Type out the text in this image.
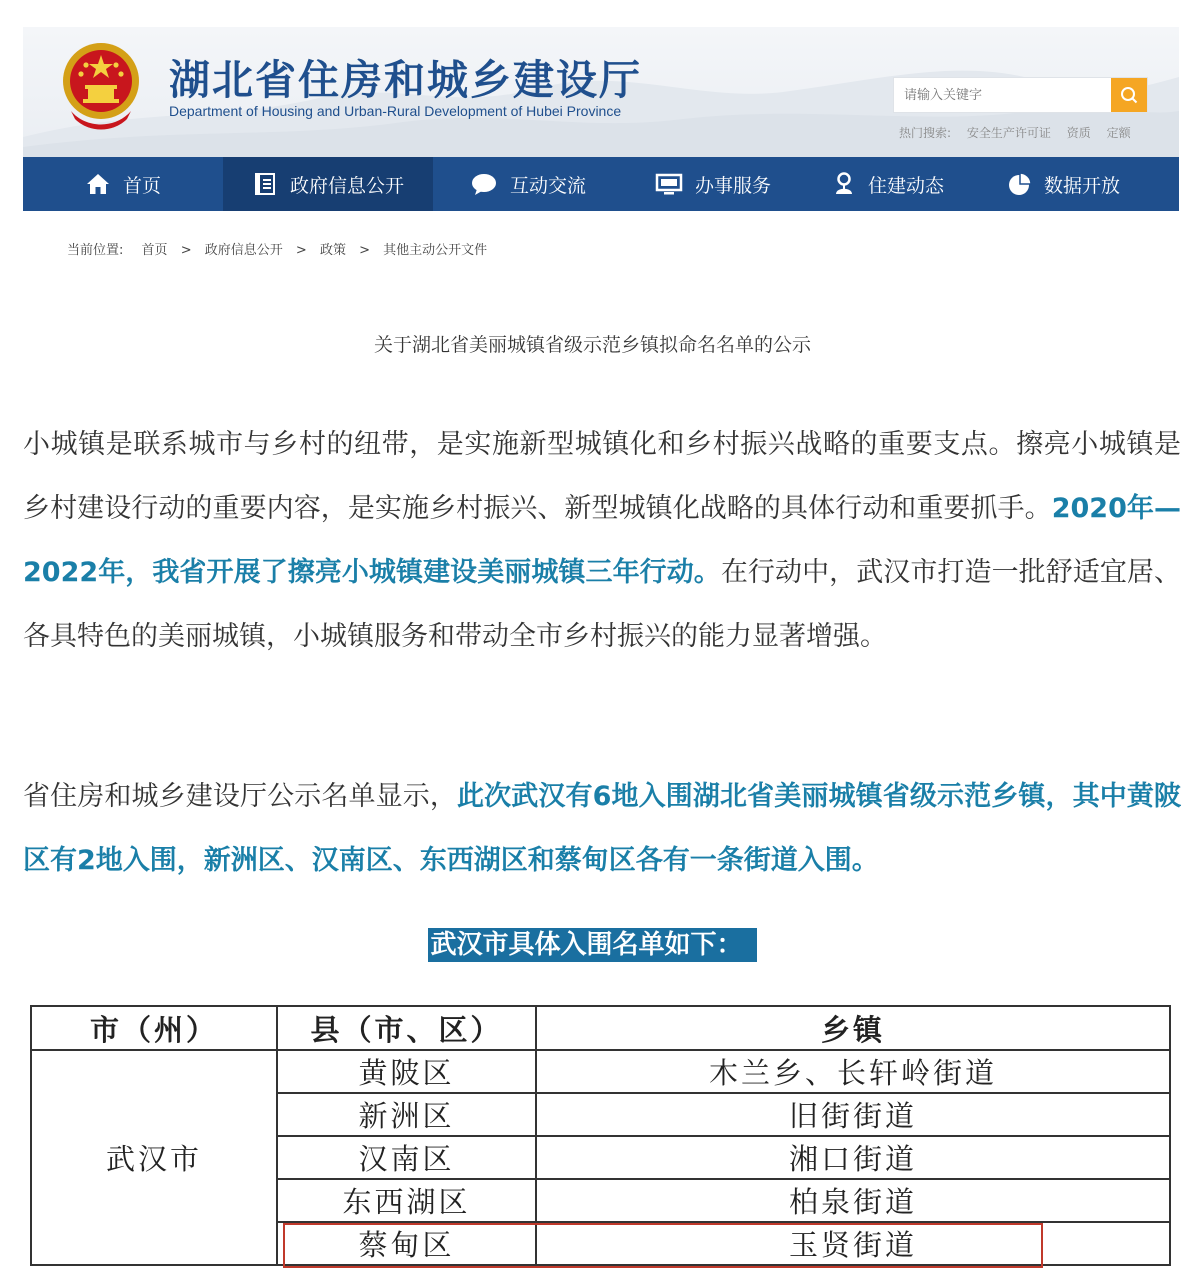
湖北省住房和城乡建设厅
Department of Housing and Urban-Rural Development of Hubei Province
请输入关键字
热门搜索: 安全生产许可证 资质 定额
首页	政府信息公开	互动交流	办事服务	住建动态	数据开放
当前位置: 首页 > 政府信息公开 > 政策 > 其他主动公开文件
关于湖北省美丽城镇省级示范乡镇拟命名名单的公示
小城镇是联系城市与乡村的纽带，是实施新型城镇化和乡村振兴战略的重要支点。擦亮小城镇是乡村建设行动的重要内容，是实施乡村振兴、新型城镇化战略的具体行动和重要抓手。2020年—2022年，我省开展了擦亮小城镇建设美丽城镇三年行动。在行动中，武汉市打造一批舒适宜居、各具特色的美丽城镇，小城镇服务和带动全市乡村振兴的能力显著增强。
省住房和城乡建设厅公示名单显示，此次武汉有6地入围湖北省美丽城镇省级示范乡镇，其中黄陂区有2地入围，新洲区、汉南区、东西湖区和蔡甸区各有一条街道入围。
武汉市具体入围名单如下：
市（州）	县（市、区）	乡镇
武汉市	黄陂区	木兰乡、长轩岭街道
	新洲区	旧街街道
	汉南区	湘口街道
	东西湖区	柏泉街道
	蔡甸区	玉贤街道
